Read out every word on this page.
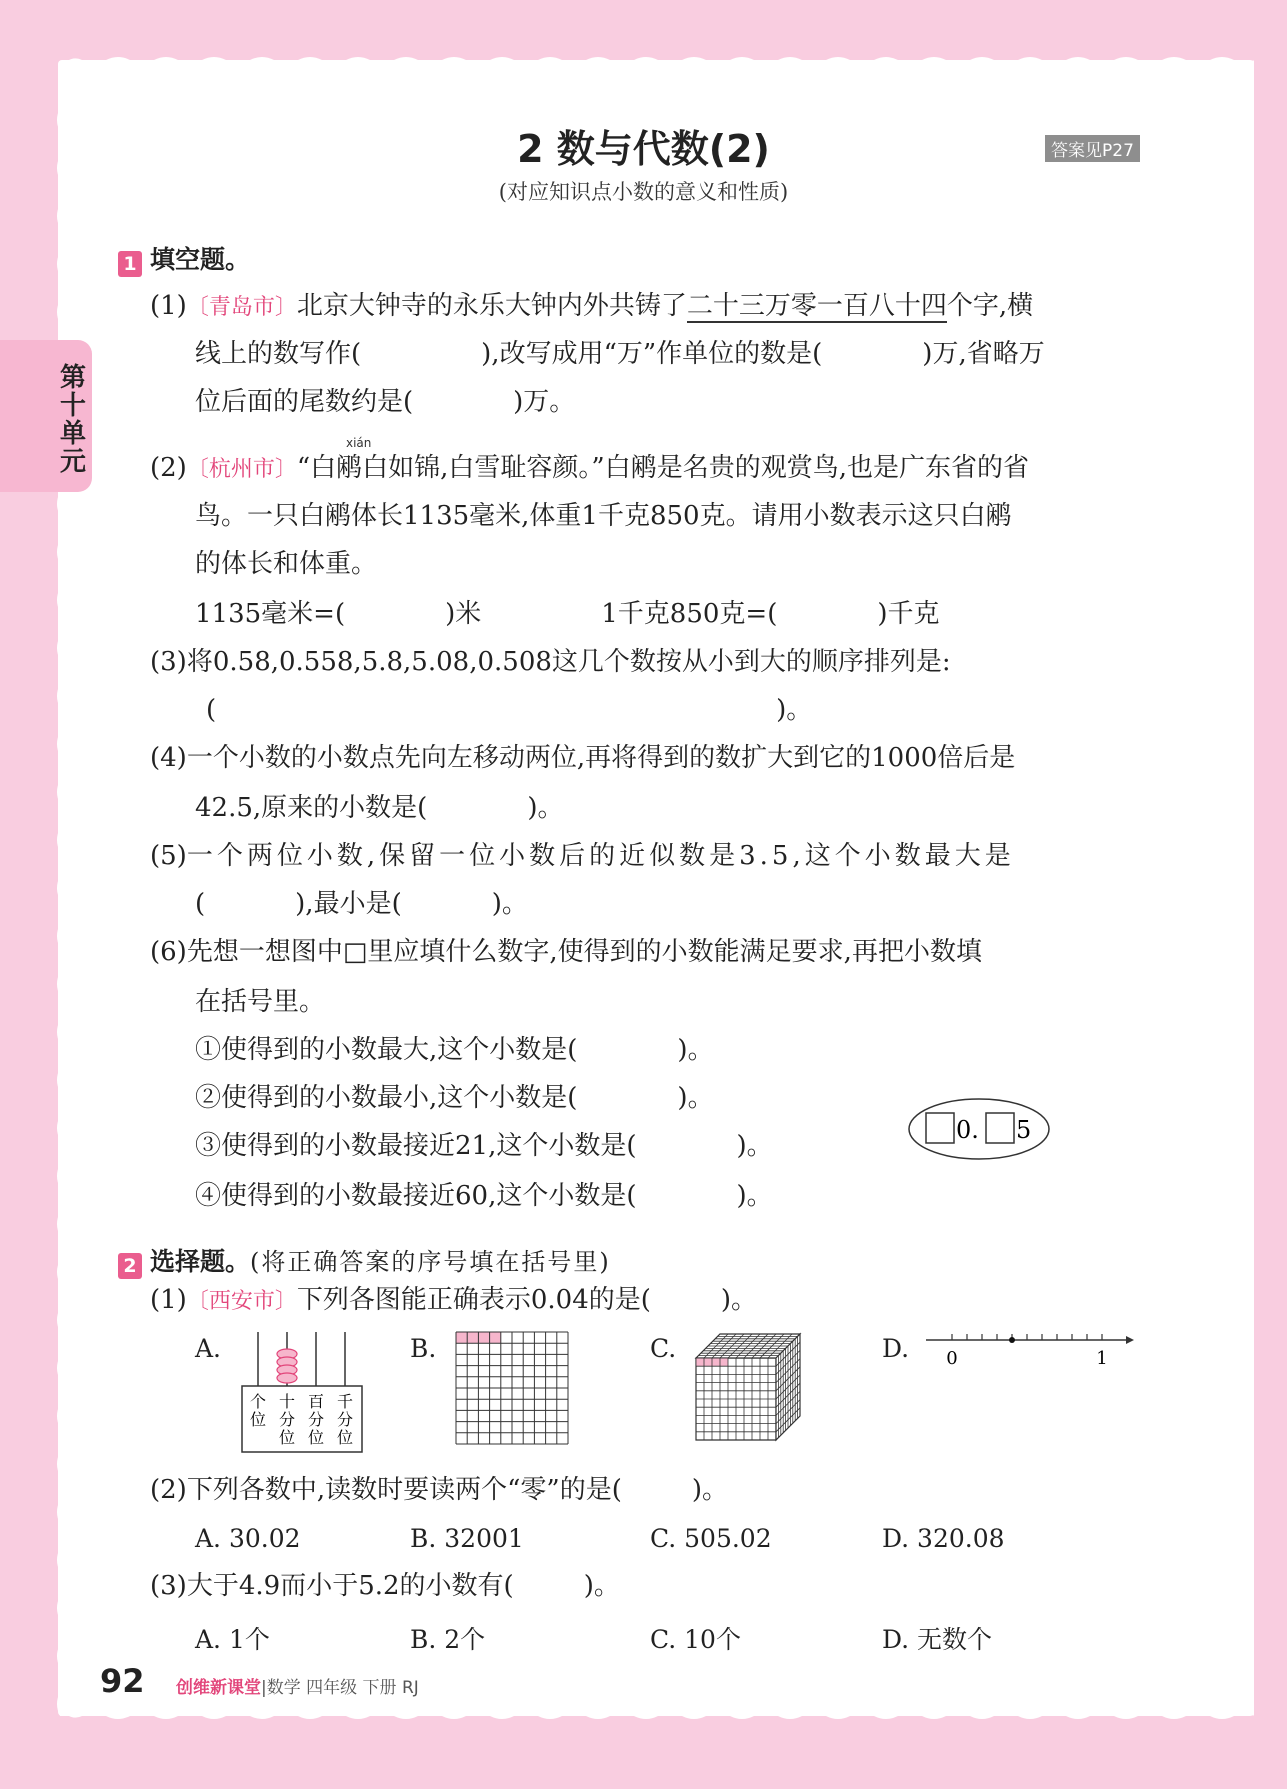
第十单元
2 数与代数(2)	答案见P27
(对应知识点小数的意义和性质)
1 填空题。
(1)〔青岛市〕北京大钟寺的永乐大钟内外共铸了二十三万零一百八十四个字,横
线上的数写作(	),改写成用“万”作单位的数是(	)万,省略万
位后面的尾数约是(	)万。
xián
(2)〔杭州市〕“白鹇白如锦,白雪耻容颜。”白鹇是名贵的观赏鸟,也是广东省的省
鸟。一只白鹇体长1135毫米,体重1千克850克。请用小数表示这只白鹇
的体长和体重。
1135毫米=(	)米	1千克850克=(	)千克
(3)将0.58,0.558,5.8,5.08,0.508这几个数按从小到大的顺序排列是:
(	)。
(4)一个小数的小数点先向左移动两位,再将得到的数扩大到它的1000倍后是
42.5,原来的小数是(	)。
(5)一个两位小数,保留一位小数后的近似数是3.5,这个小数最大是
(	),最小是(	)。
(6)先想一想图中□里应填什么数字,使得到的小数能满足要求,再把小数填
在括号里。
①使得到的小数最大,这个小数是(	)。
②使得到的小数最小,这个小数是(	)。
③使得到的小数最接近21,这个小数是(	)。
④使得到的小数最接近60,这个小数是(	)。
0. 5
2 选择题。(将正确答案的序号填在括号里)
(1)〔西安市〕下列各图能正确表示0.04的是(	)。
A.	B.	C.	D.
个
位
十
分
位
百
分
位
千
分
位
0	1
(2)下列各数中,读数时要读两个“零”的是(	)。
A. 30.02	B. 32001	C. 505.02	D. 320.08
(3)大于4.9而小于5.2的小数有(	)。
A. 1个	B. 2个	C. 10个	D. 无数个
92 创维新课堂|数学 四年级 下册 RJ
